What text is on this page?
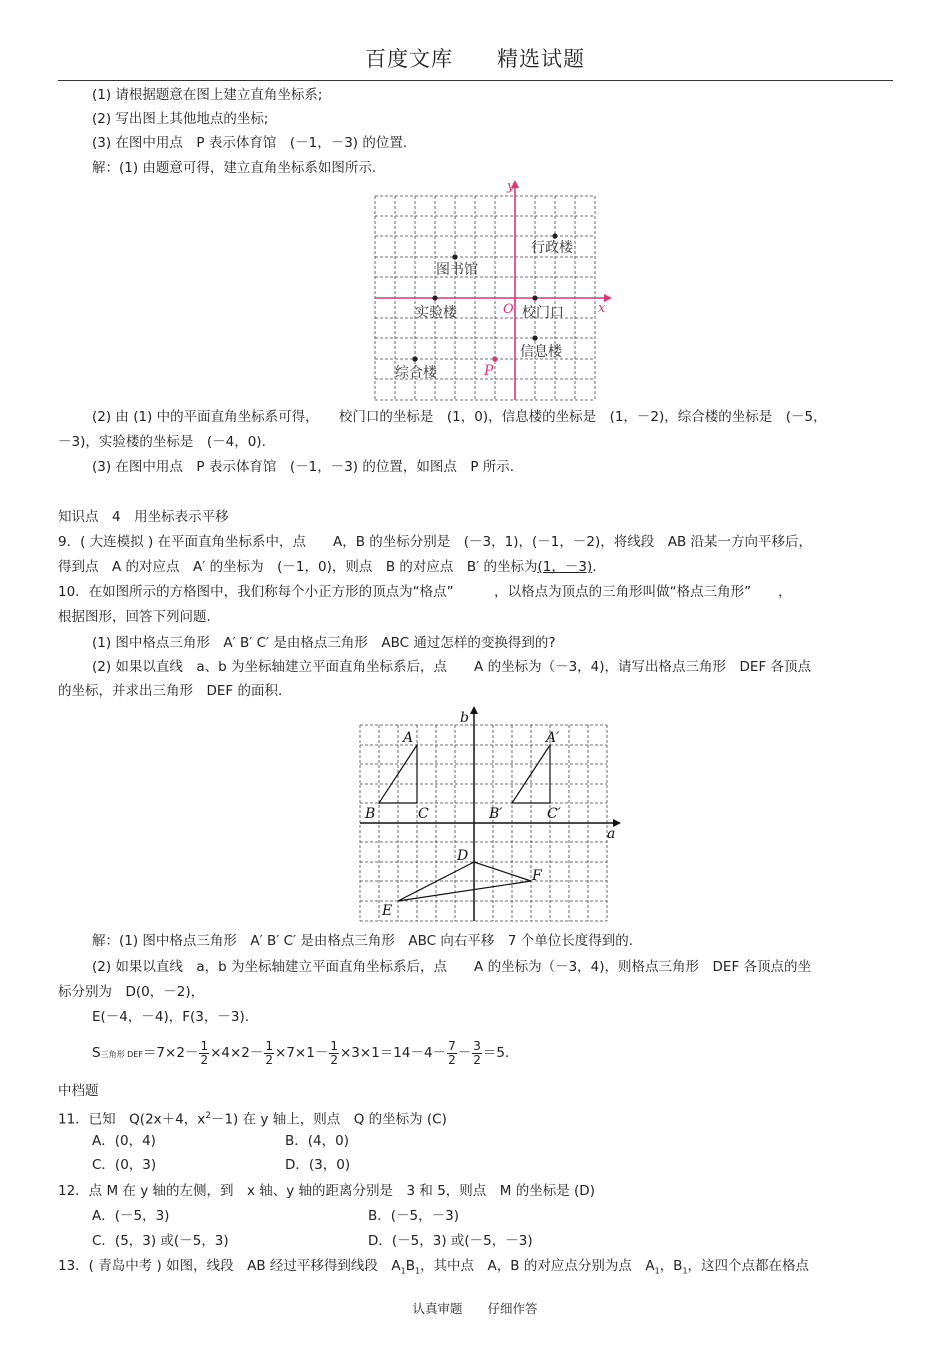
百度文库　　精选试题
(1) 请根据题意在图上建立直角坐标系;
(2) 写出图上其他地点的坐标;
(3) 在图中用点　P 表示体育馆　(－1，－3) 的位置.
解：(1) 由题意可得，建立直角坐标系如图所示.
y
x
O
行政楼
图书馆
实验楼	校门口
信息楼
综合楼	P
(2) 由 (1) 中的平面直角坐标系可得，　　校门口的坐标是　(1，0)，信息楼的坐标是　(1，－2)，综合楼的坐标是　(－5，
－3)，实验楼的坐标是　(－4，0).
(3) 在图中用点　P 表示体育馆　(－1，－3) 的位置，如图点　P 所示.
知识点　4　用坐标表示平移
9．( 大连模拟 ) 在平面直角坐标系中，点　　A，B 的坐标分别是　(－3，1)，(－1，－2)，将线段　AB 沿某一方向平移后，
得到点　A 的对应点　A′ 的坐标为　(－1，0)，则点　B 的对应点　B′ 的坐标为(1，－3).
10．在如图所示的方格图中，我们称每个小正方形的顶点为“格点”　　　，以格点为顶点的三角形叫做“格点三角形”　　，
根据图形，回答下列问题.
(1) 图中格点三角形　A′ B′ C′ 是由格点三角形　ABC 通过怎样的变换得到的?
(2) 如果以直线　a、b 为坐标轴建立平面直角坐标系后，点　　A 的坐标为（－3，4)，请写出格点三角形　DEF 各顶点
的坐标，并求出三角形　DEF 的面积.
b
a
A
B	C
A′
B′	C′
D
E
F
解：(1) 图中格点三角形　A′ B′ C′ 是由格点三角形　ABC 向右平移　7 个单位长度得到的.
(2) 如果以直线　a，b 为坐标轴建立平面直角坐标系后，点　　A 的坐标为（－3，4)，则格点三角形　DEF 各顶点的坐
标分别为　D(0，－2)，
E(－4，－4)，F(3，－3).
S三角形 $DEF=7\times 2- \frac{1}{2} \times 4\times 2- \frac{1}{2} \times 7\times 1- \frac{1}{2} \times 3\times 1=14-4- \frac{7}{2} - \frac{3}{2} =5$.
中档题
11．已知　Q(2x＋4，$x^2-1$) 在 y 轴上，则点　Q 的坐标为 (C)
A．(0，4)	B．(4，0)
C．(0，3)	D．(3，0)
12．点 M 在 y 轴的左侧，到　x 轴、y 轴的距离分别是　3 和 5，则点　M 的坐标是 (D)
A．(－5，3)	B．(－5，－3)
C．(5，3) 或(－5，3)	D．(－5，3) 或(－5，－3)
13．( 青岛中考 ) 如图，线段　AB 经过平移得到线段　$A_1B_1$，其中点　A，B 的对应点分别为点　$A_1$，$B_1$，这四个点都在格点
认真审题　　仔细作答
